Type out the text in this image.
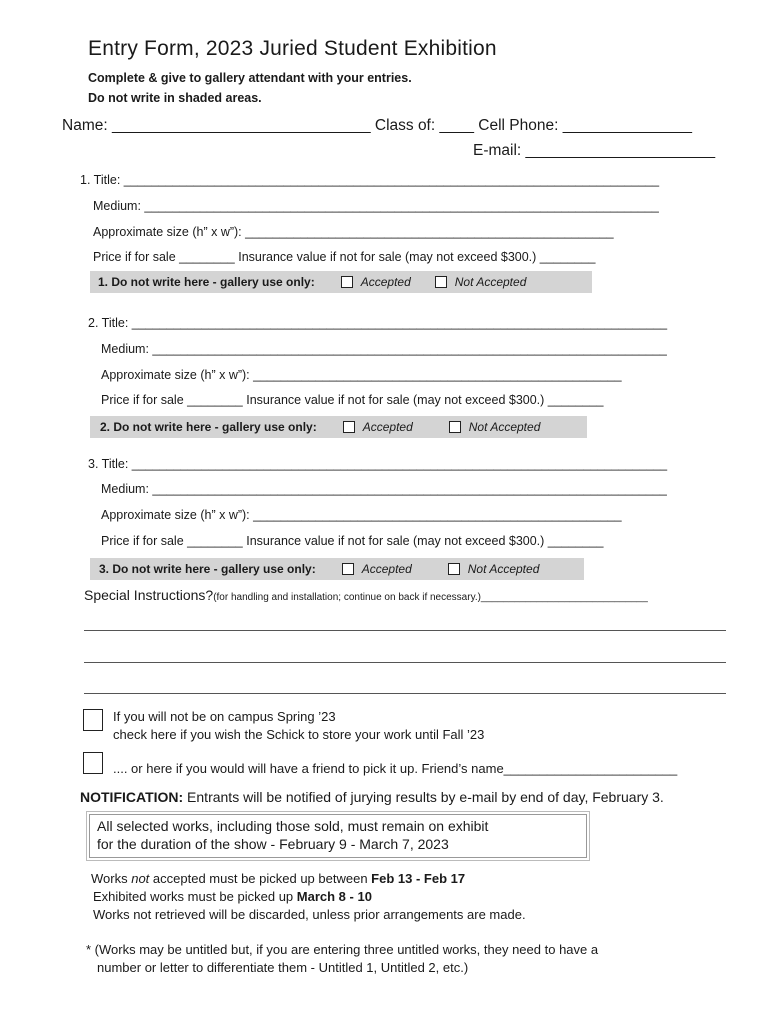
Entry Form, 2023 Juried Student Exhibition
Complete & give to gallery attendant with your entries.
Do not write in shaded areas.
Name: ______________________________ Class of: ____ Cell Phone: __​_____________
E-mail: ______________________
1. Title: _____________________________________________________________________________
Medium: __________________________________________________________________________
Approximate size (h” x w”): _____________________________________________________
Price if for sale ________ Insurance value if not for sale (may not exceed $300.) ________
1. Do not write here - gallery use only:	Accepted	Not Accepted
2. Title: _____________________________________________________________________________
Medium: __________________________________________________________________________
Approximate size (h” x w”): _____________________________________________________
Price if for sale ________ Insurance value if not for sale (may not exceed $300.) ________
2. Do not write here - gallery use only:	Accepted	Not Accepted
3. Title: _____________________________________________________________________________
Medium: __________________________________________________________________________
Approximate size (h” x w”): _____________________________________________________
Price if for sale ________ Insurance value if not for sale (may not exceed $300.) ________
3. Do not write here - gallery use only:	Accepted	Not Accepted
Special Instructions?(for handling and installation; continue on back if necessary.)______________________________
If you will not be on campus Spring ’23
check here if you wish the Schick to store your work until Fall ’23
.... or here if you would will have a friend to pick it up. Friend’s name________________________
NOTIFICATION: Entrants will be notified of jurying results by e-mail by end of day, February 3.
All selected works, including those sold, must remain on exhibit
for the duration of the show - February 9 - March 7, 2023
Works not accepted must be picked up between Feb 13 - Feb 17
Exhibited works must be picked up March 8 - 10
Works not retrieved will be discarded, unless prior arrangements are made.
* (Works may be untitled but, if you are entering three untitled works, they need to have a
number or letter to differentiate them - Untitled 1, Untitled 2, etc.)
